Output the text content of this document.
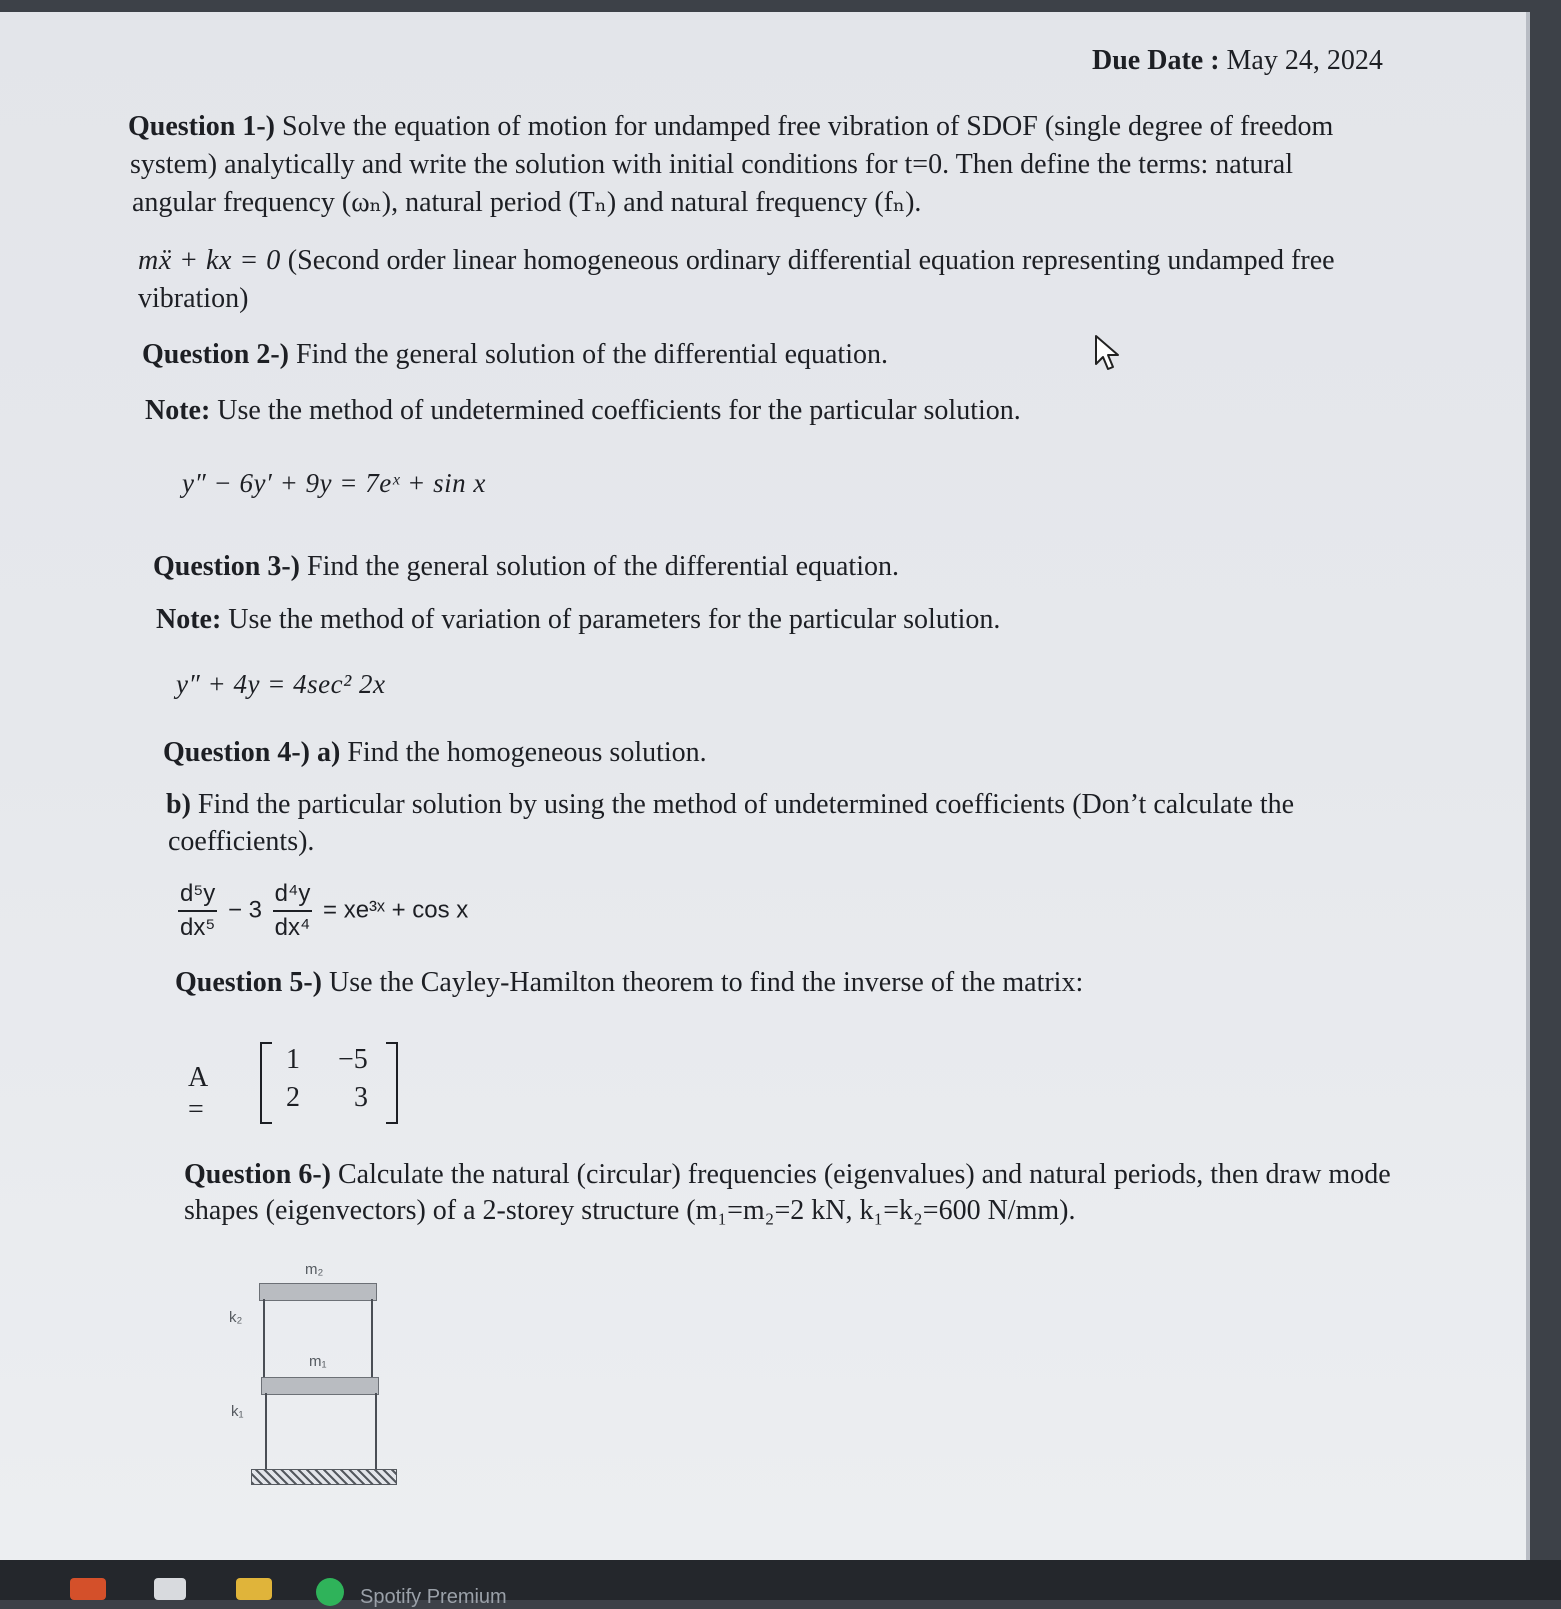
Due Date : May 24, 2024
Question 1-) Solve the equation of motion for undamped free vibration of SDOF (single degree of freedom
system) analytically and write the solution with initial conditions for t=0. Then define the terms: natural
angular frequency (ωₙ), natural period (Tₙ) and natural frequency (fₙ).
mẍ + kx = 0 (Second order linear homogeneous ordinary differential equation representing undamped free
vibration)
Question 2-) Find the general solution of the differential equation.
Note: Use the method of undetermined coefficients for the particular solution.
y″ − 6y′ + 9y = 7eˣ + sin x
Question 3-) Find the general solution of the differential equation.
Note: Use the method of variation of parameters for the particular solution.
y″ + 4y = 4sec² 2x
Question 4-) a) Find the homogeneous solution.
b) Find the particular solution by using the method of undetermined coefficients (Don’t calculate the
coefficients).
$\frac{\text{d⁵y}}{\text{dx⁵}} - 3 \frac{\text{d⁴y}}{\text{dx⁴}}$ = xe³ˣ + cos x
Question 5-) Use the Cayley-Hamilton theorem to find the inverse of the matrix:
A =
1 −5
2 3
Question 6-) Calculate the natural (circular) frequencies (eigenvalues) and natural periods, then draw mode
shapes (eigenvectors) of a 2-storey structure (m₁=m₂=2 kN, k₁=k₂=600 N/mm).
m₂
k₂
m₁
k₁
Spotify Premium
